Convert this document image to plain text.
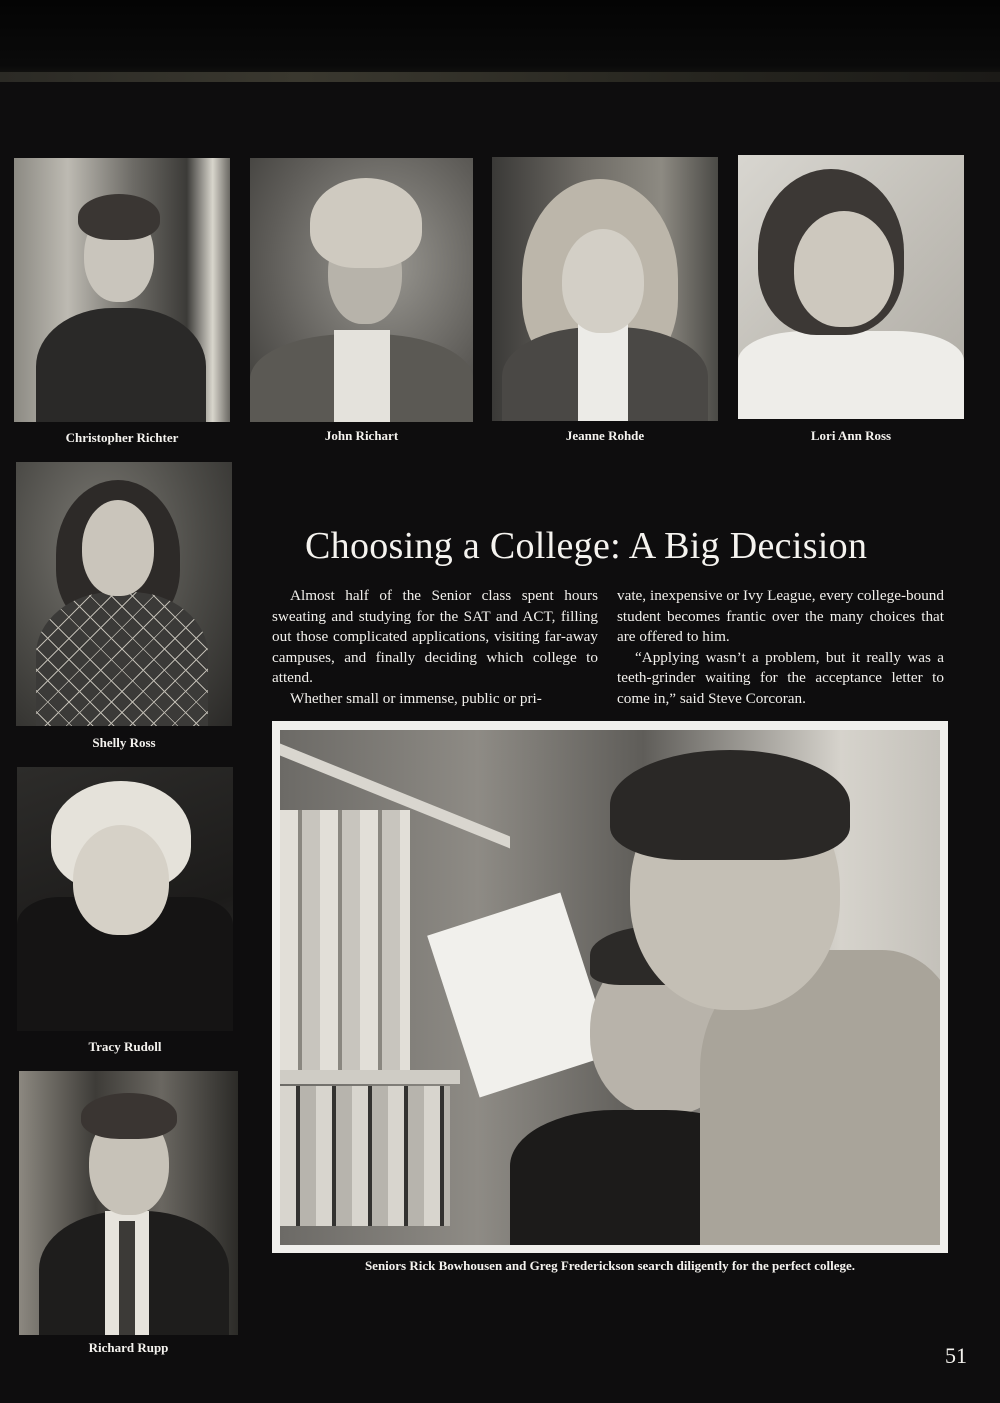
Christopher Richter	John Richart	Jeanne Rohde	Lori Ann Ross
Shelly Ross
Tracy Rudoll
Richard Rupp
Choosing a College: A Big Decision

Almost half of the Senior class spent hours sweating and studying for the SAT and ACT, filling out those complicated applications, visiting far-away campuses, and finally deciding which college to attend.

Whether small or immense, public or pri-

vate, inexpensive or Ivy League, every college-bound student becomes frantic over the many choices that are offered to him.

“Applying wasn’t a problem, but it really was a teeth-grinder waiting for the acceptance letter to come in,” said Steve Corcoran.

Seniors Rick Bowhousen and Greg Frederickson search diligently for the perfect college.
51
